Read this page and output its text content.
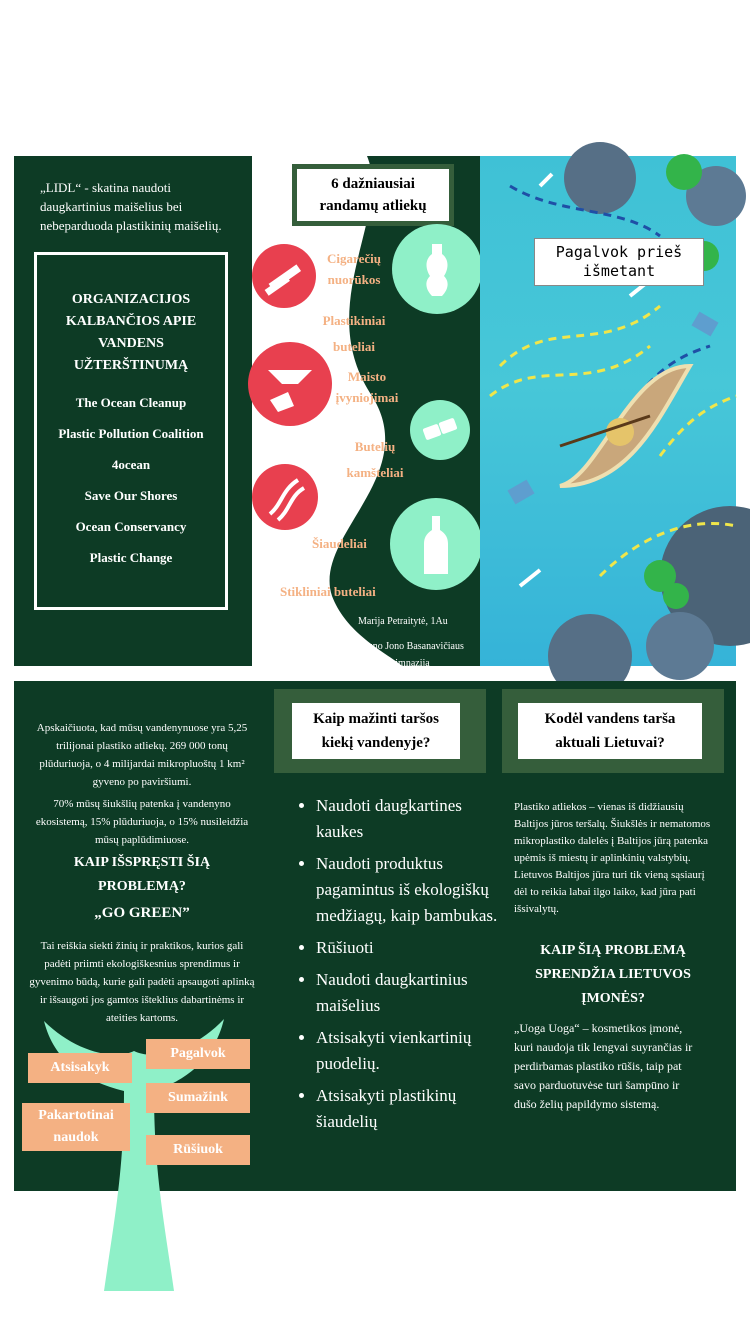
„LIDL“ - skatina naudoti daugkartinius maišelius bei nebeparduoda plastikinių maišelių.
ORGANIZACIJOS KALBANČIOS APIE VANDENS UŽTERŠTINUMĄ
The Ocean Cleanup
Plastic Pollution Coalition
4ocean
Save Our Shores
Ocean Conservancy
Plastic Change
6 dažniausiai randamų atliekų
Cigarečių nuorūkos
Plastikiniai buteliai
Maisto įvyniojimai
Butelių kamšteliai
Šiaudeliai
Stikliniai buteliai
Marija Petraitytė, 1Au
Kauno Jono Basanavičiaus gimnazija
Pagalvok prieš išmetant
Apskaičiuota, kad mūsų vandenynuose yra 5,25 trilijonai plastiko atliekų. 269 000 tonų plūduriuoja, o 4 milijardai mikropluoštų 1 km² gyveno po paviršiumi.
70% mūsų šiukšlių patenka į vandenyno ekosistemą, 15% plūduriuoja, o 15% nusileidžia mūsų paplūdimiuose.
KAIP IŠSPRĘSTI ŠIĄ PROBLEMĄ?
„GO GREEN”
Tai reiškia siekti žinių ir praktikos, kurios gali padėti priimti ekologiškesnius sprendimus ir gyvenimo būdą, kurie gali padėti apsaugoti aplinką ir išsaugoti jos gamtos išteklius dabartinėms ir ateities kartoms.
Atsisakyk
Pagalvok
Sumažink
Pakartotinai naudok
Rūšiuok
Kaip mažinti taršos kiekį vandenyje?
• Naudoti daugkartines kaukes
• Naudoti produktus pagamintus iš ekologiškų medžiagų, kaip bambukas.
• Rūšiuoti
• Naudoti daugkartinius maišelius
• Atsisakyti vienkartinių puodelių.
• Atsisakyti plastikinų šiaudelių
Kodėl vandens tarša aktuali Lietuvai?
Plastiko atliekos – vienas iš didžiausių Baltijos jūros teršalų. Šiukšlės ir nematomos mikroplastiko dalelės į Baltijos jūrą patenka upėmis iš miestų ir aplinkinių valstybių. Lietuvos Baltijos jūra turi tik vieną sąsiaurį dėl to reikia labai ilgo laiko, kad jūra pati išsivalytų.
KAIP ŠIĄ PROBLEMĄ SPRENDŽIA LIETUVOS ĮMONĖS?
„Uoga Uoga“ – kosmetikos įmonė, kuri naudoja tik lengvai suyrančias ir perdirbamas plastiko rūšis, taip pat savo parduotuvėse turi šampūno ir dušo želių papildymo sistemą.
